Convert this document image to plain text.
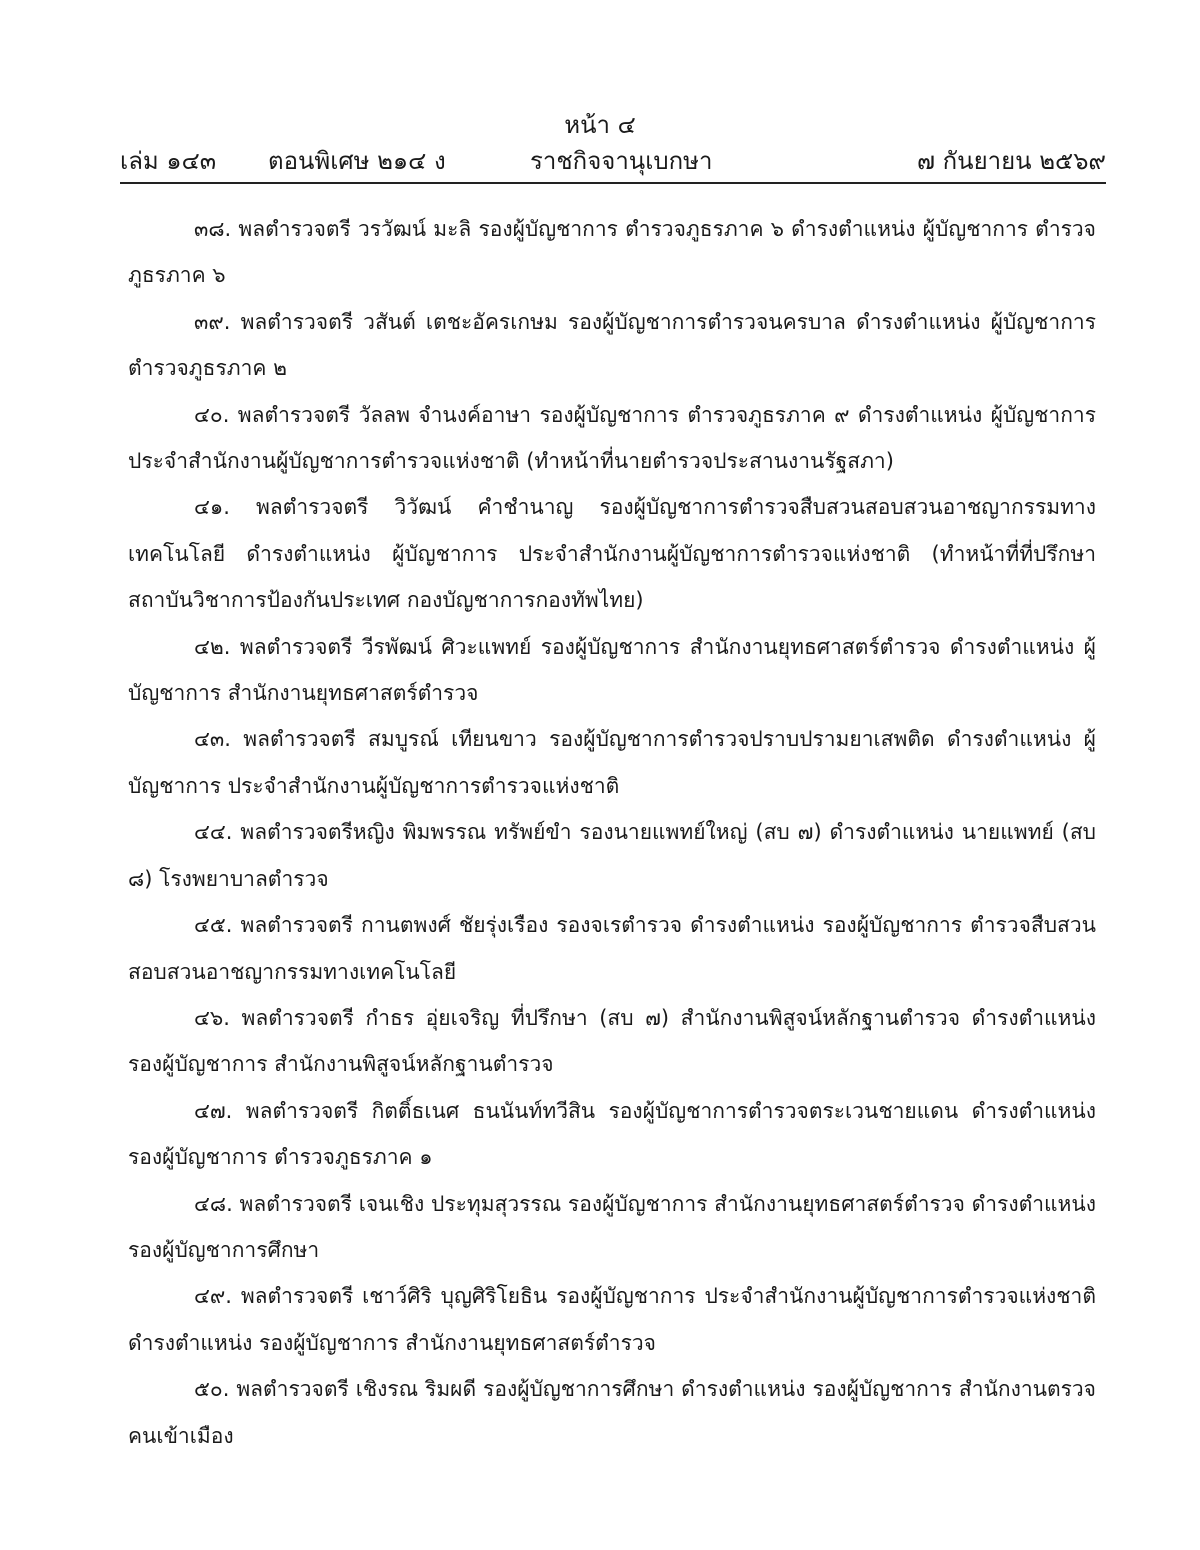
หน้า ๔
เล่ม ๑๔๓ ตอนพิเศษ ๒๑๔ ง	ราชกิจจานุเบกษา	๗ กันยายน ๒๕๖๙

๓๘. พลตำรวจตรี วรวัฒน์ มะลิ รองผู้บัญชาการ ตำรวจภูธรภาค ๖ ดำรงตำแหน่ง ผู้บัญชาการ ตำรวจภูธรภาค ๖

๓๙. พลตำรวจตรี วสันต์ เตชะอัครเกษม รองผู้บัญชาการตำรวจนครบาล ดำรงตำแหน่ง ผู้บัญชาการ ตำรวจภูธรภาค ๒

๔๐. พลตำรวจตรี วัลลพ จำนงค์อาษา รองผู้บัญชาการ ตำรวจภูธรภาค ๙ ดำรงตำแหน่ง ผู้บัญชาการ ประจำสำนักงานผู้บัญชาการตำรวจแห่งชาติ (ทำหน้าที่นายตำรวจประสานงานรัฐสภา)

๔๑. พลตำรวจตรี วิวัฒน์ คำชำนาญ รองผู้บัญชาการตำรวจสืบสวนสอบสวนอาชญากรรมทางเทคโนโลยี ดำรงตำแหน่ง ผู้บัญชาการ ประจำสำนักงานผู้บัญชาการตำรวจแห่งชาติ (ทำหน้าที่ที่ปรึกษาสถาบันวิชาการป้องกันประเทศ กองบัญชาการกองทัพไทย)

๔๒. พลตำรวจตรี วีรพัฒน์ ศิวะแพทย์ รองผู้บัญชาการ สำนักงานยุทธศาสตร์ตำรวจ ดำรงตำแหน่ง ผู้บัญชาการ สำนักงานยุทธศาสตร์ตำรวจ

๔๓. พลตำรวจตรี สมบูรณ์ เทียนขาว รองผู้บัญชาการตำรวจปราบปรามยาเสพติด ดำรงตำแหน่ง ผู้บัญชาการ ประจำสำนักงานผู้บัญชาการตำรวจแห่งชาติ

๔๔. พลตำรวจตรีหญิง พิมพรรณ ทรัพย์ขำ รองนายแพทย์ใหญ่ (สบ ๗) ดำรงตำแหน่ง นายแพทย์ (สบ ๘) โรงพยาบาลตำรวจ

๔๕. พลตำรวจตรี กานตพงศ์ ชัยรุ่งเรือง รองจเรตำรวจ ดำรงตำแหน่ง รองผู้บัญชาการ ตำรวจสืบสวนสอบสวนอาชญากรรมทางเทคโนโลยี

๔๖. พลตำรวจตรี กำธร อุ่ยเจริญ ที่ปรึกษา (สบ ๗) สำนักงานพิสูจน์หลักฐานตำรวจ ดำรงตำแหน่ง รองผู้บัญชาการ สำนักงานพิสูจน์หลักฐานตำรวจ

๔๗. พลตำรวจตรี กิตติ์ธเนศ ธนนันท์ทวีสิน รองผู้บัญชาการตำรวจตระเวนชายแดน ดำรงตำแหน่ง รองผู้บัญชาการ ตำรวจภูธรภาค ๑

๔๘. พลตำรวจตรี เจนเชิง ประทุมสุวรรณ รองผู้บัญชาการ สำนักงานยุทธศาสตร์ตำรวจ ดำรงตำแหน่ง รองผู้บัญชาการศึกษา

๔๙. พลตำรวจตรี เชาว์ศิริ บุญศิริโยธิน รองผู้บัญชาการ ประจำสำนักงานผู้บัญชาการตำรวจแห่งชาติ ดำรงตำแหน่ง รองผู้บัญชาการ สำนักงานยุทธศาสตร์ตำรวจ

๕๐. พลตำรวจตรี เชิงรณ ริมผดี รองผู้บัญชาการศึกษา ดำรงตำแหน่ง รองผู้บัญชาการ สำนักงานตรวจคนเข้าเมือง
